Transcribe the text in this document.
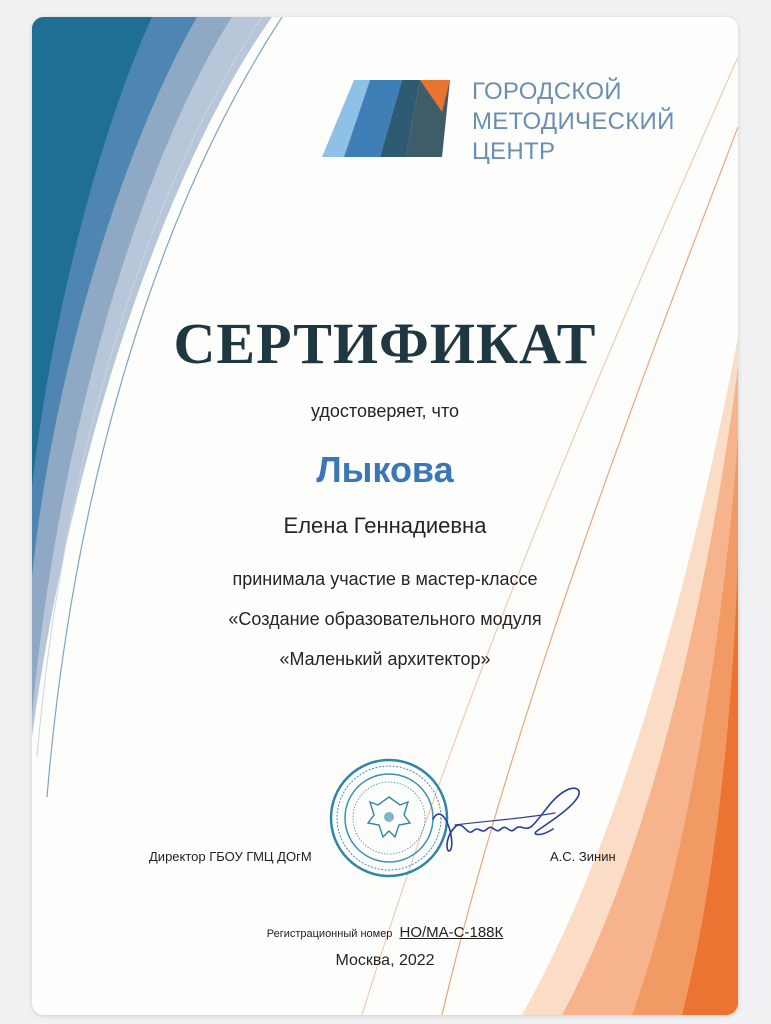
ГОРОДСКОЙ
МЕТОДИЧЕСКИЙ
ЦЕНТР
СЕРТИФИКАТ
удостоверяет, что
Лыкова
Елена Геннадиевна
принимала участие в мастер-классе
«Создание образовательного модуля
«Маленький архитектор»
Директор ГБОУ ГМЦ ДОгМ	А.С. Зинин
Регистрационный номер НО/МА-С-188К
Москва, 2022
